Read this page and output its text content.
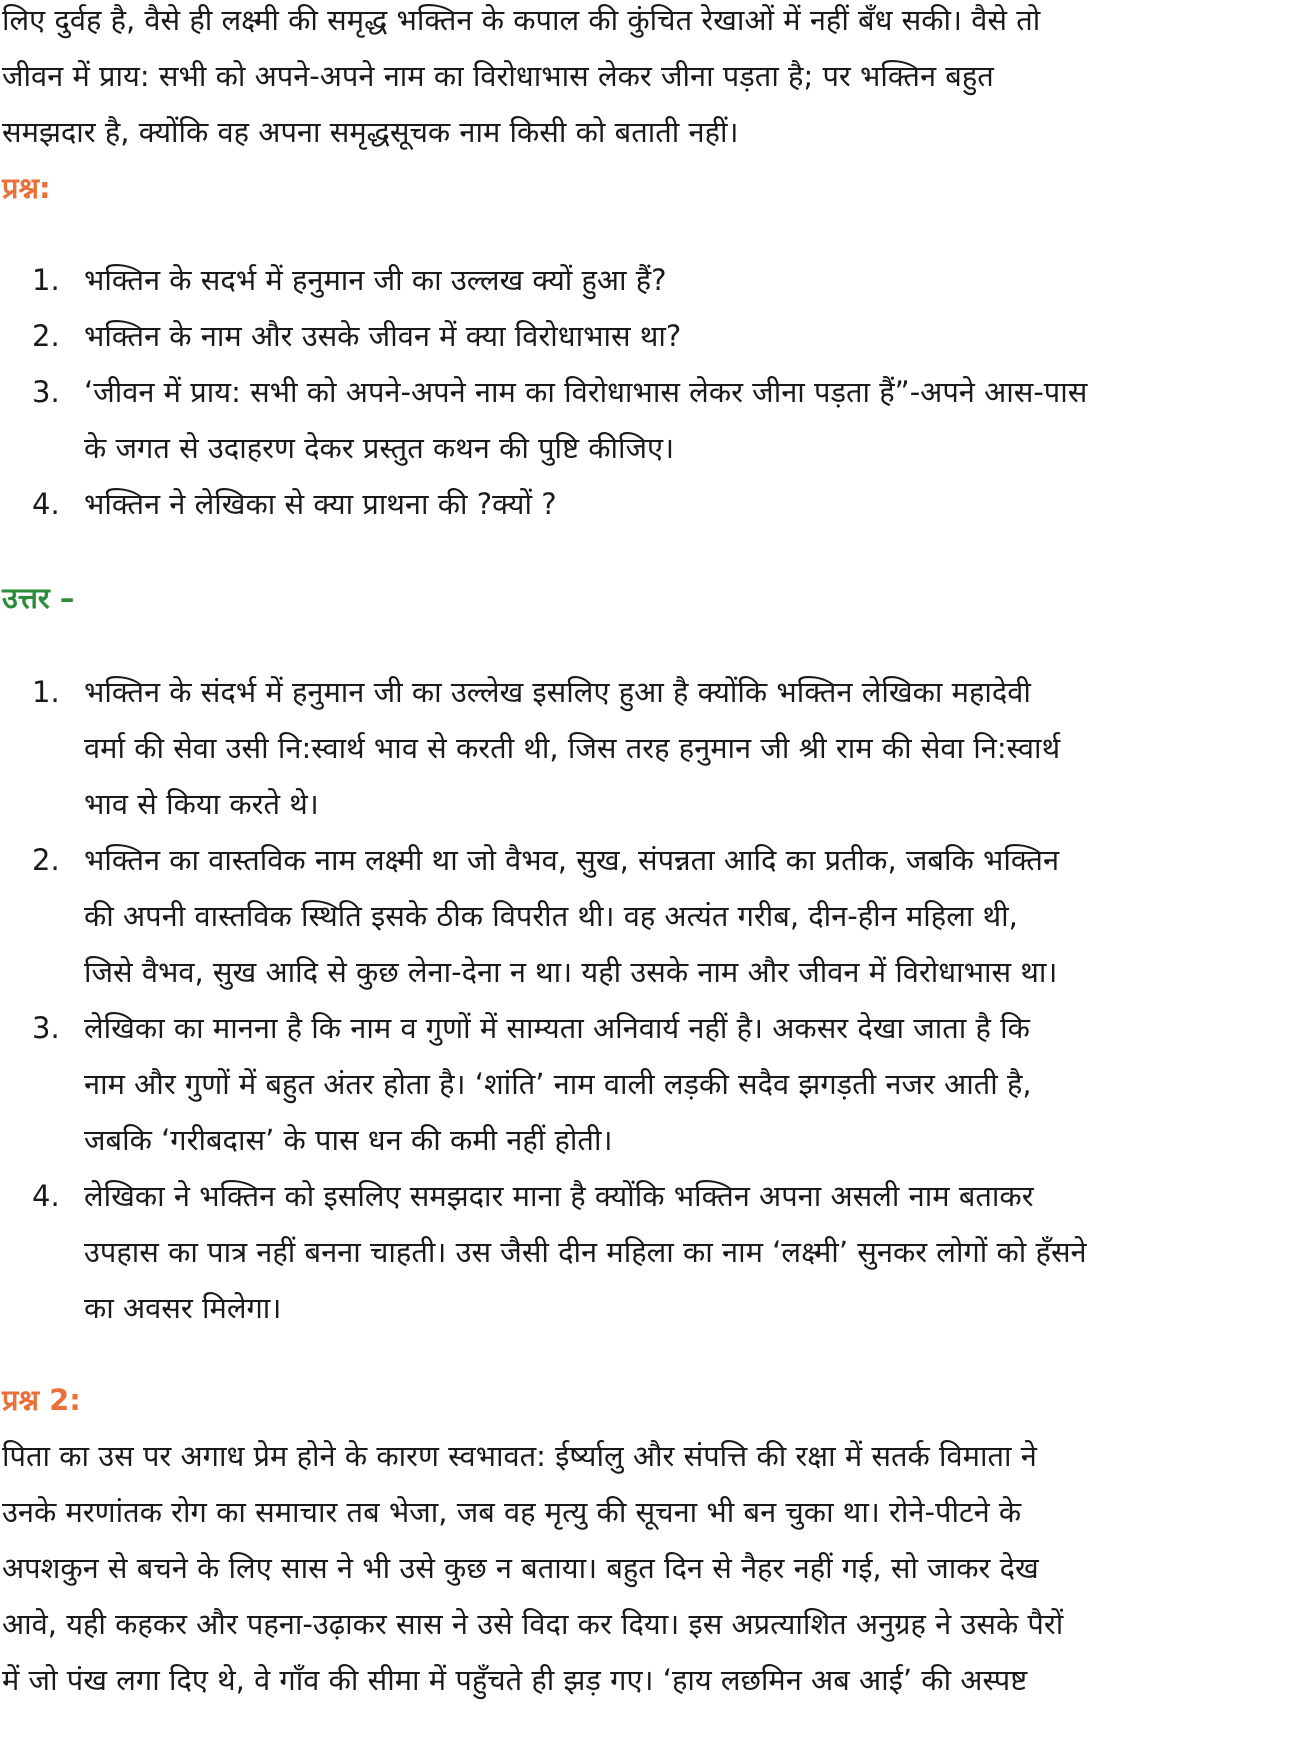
लिए दुर्वह है, वैसे ही लक्ष्मी की समृद्ध भक्तिन के कपाल की कुंचित रेखाओं में नहीं बँध सकी। वैसे तो

जीवन में प्राय: सभी को अपने-अपने नाम का विरोधाभास लेकर जीना पड़ता है; पर भक्तिन बहुत

समझदार है, क्योंकि वह अपना समृद्धसूचक नाम किसी को बताती नहीं।

प्रश्न:

1. भक्तिन के सदर्भ में हनुमान जी का उल्लख क्यों हुआ हैं?
2. भक्तिन के नाम और उसके जीवन में क्या विरोधाभास था?
3. ‘जीवन में प्राय: सभी को अपने-अपने नाम का विरोधाभास लेकर जीना पड़ता हैं”-अपने आस-पास
के जगत से उदाहरण देकर प्रस्तुत कथन की पुष्टि कीजिए।
4. भक्तिन ने लेखिका से क्या प्राथना की ?क्यों ?

उत्तर –

1. भक्तिन के संदर्भ में हनुमान जी का उल्लेख इसलिए हुआ है क्योंकि भक्तिन लेखिका महादेवी
वर्मा की सेवा उसी नि:स्वार्थ भाव से करती थी, जिस तरह हनुमान जी श्री राम की सेवा नि:स्वार्थ
भाव से किया करते थे।
2. भक्तिन का वास्तविक नाम लक्ष्मी था जो वैभव, सुख, संपन्नता आदि का प्रतीक, जबकि भक्तिन
की अपनी वास्तविक स्थिति इसके ठीक विपरीत थी। वह अत्यंत गरीब, दीन-हीन महिला थी,
जिसे वैभव, सुख आदि से कुछ लेना-देना न था। यही उसके नाम और जीवन में विरोधाभास था।
3. लेखिका का मानना है कि नाम व गुणों में साम्यता अनिवार्य नहीं है। अकसर देखा जाता है कि
नाम और गुणों में बहुत अंतर होता है। ‘शांति’ नाम वाली लड़की सदैव झगड़ती नजर आती है,
जबकि ‘गरीबदास’ के पास धन की कमी नहीं होती।
4. लेखिका ने भक्तिन को इसलिए समझदार माना है क्योंकि भक्तिन अपना असली नाम बताकर
उपहास का पात्र नहीं बनना चाहती। उस जैसी दीन महिला का नाम ‘लक्ष्मी’ सुनकर लोगों को हँसने
का अवसर मिलेगा।

प्रश्न 2:

पिता का उस पर अगाध प्रेम होने के कारण स्वभावत: ईर्ष्यालु और संपत्ति की रक्षा में सतर्क विमाता ने

उनके मरणांतक रोग का समाचार तब भेजा, जब वह मृत्यु की सूचना भी बन चुका था। रोने-पीटने के

अपशकुन से बचने के लिए सास ने भी उसे कुछ न बताया। बहुत दिन से नैहर नहीं गई, सो जाकर देख

आवे, यही कहकर और पहना-उढ़ाकर सास ने उसे विदा कर दिया। इस अप्रत्याशित अनुग्रह ने उसके पैरों

में जो पंख लगा दिए थे, वे गाँव की सीमा में पहुँचते ही झड़ गए। ‘हाय लछमिन अब आई’ की अस्पष्ट
